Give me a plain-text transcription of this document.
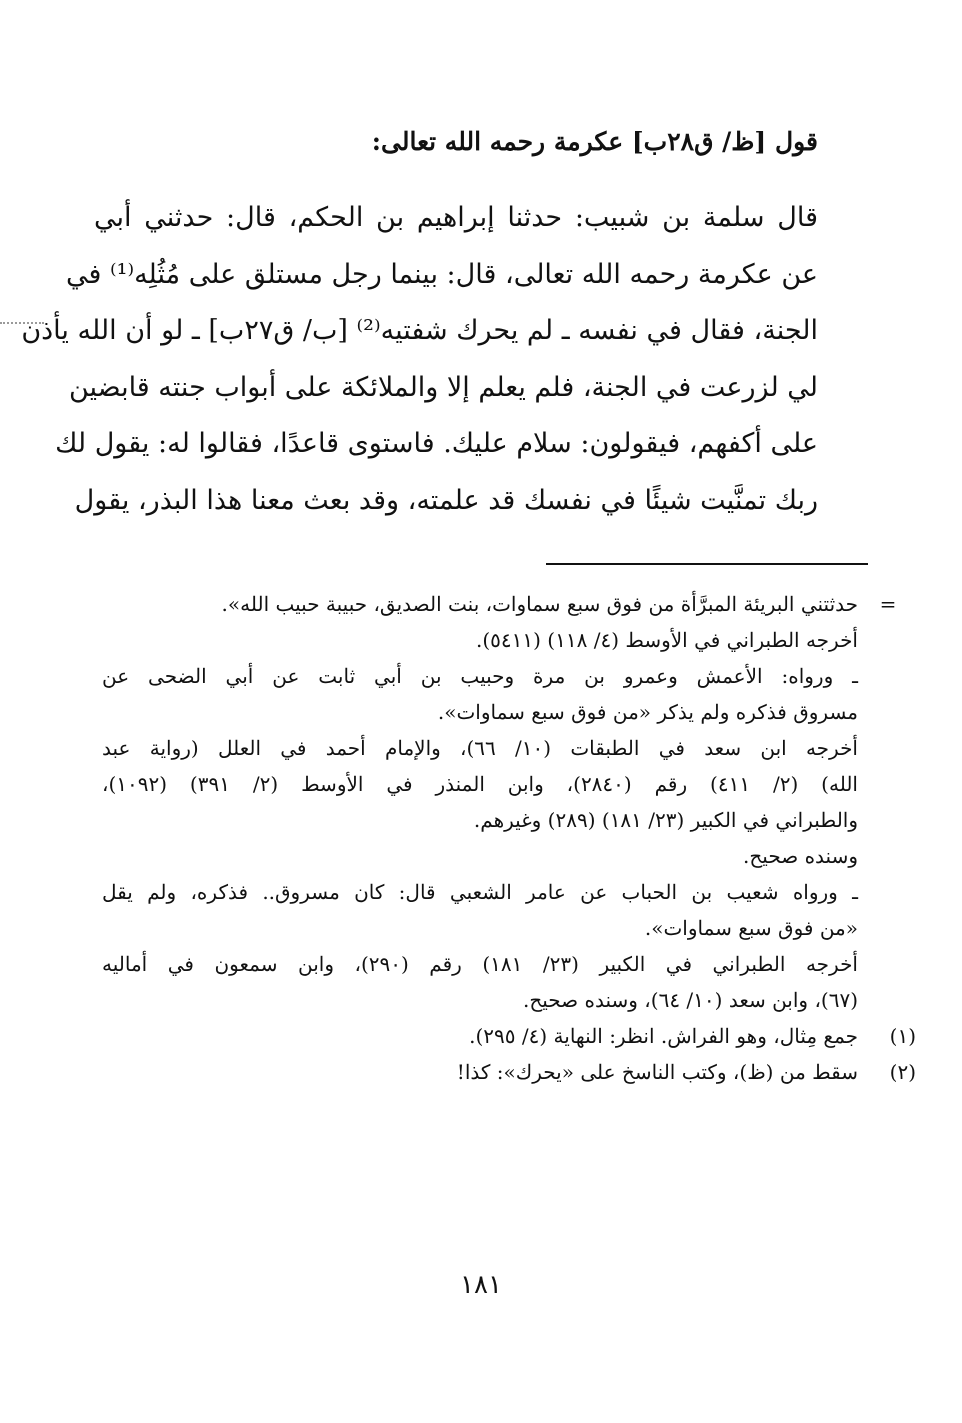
قول [ظ/ ق٢٨ب] عكرمة رحمه الله تعالى:
قال سلمة بن شبيب: حدثنا إبراهيم بن الحكم، قال: حدثني أبي
عن عكرمة رحمه الله تعالى، قال: بينما رجل مستلق على مُثُلِه⁽¹⁾ في
الجنة، فقال في نفسه ـ لم يحرك شفتيه⁽²⁾ [ب/ ق٢٧ب] ـ لو أن الله يأذن
لي لزرعت في الجنة، فلم يعلم إلا والملائكة على أبواب جنته قابضين
على أكفهم، فيقولون: سلام عليك. فاستوى قاعدًا، فقالوا له: يقول لك
ربك تمنَّيت شيئًا في نفسك قد علمته، وقد بعث معنا هذا البذر، يقول
=
حدثتني البريئة المبرَّأة من فوق سبع سماوات، بنت الصديق، حبيبة حبيب الله».
أخرجه الطبراني في الأوسط (٤/ ١١٨) (٥٤١١).
ـ ورواه: الأعمش وعمرو بن مرة وحبيب بن أبي ثابت عن أبي الضحى عن
مسروق فذكره ولم يذكر «من فوق سبع سماوات».
أخرجه ابن سعد في الطبقات (١٠/ ٦٦)، والإمام أحمد في العلل (رواية عبد
الله) (٢/ ٤١١) رقم (٢٨٤٠)، وابن المنذر في الأوسط (٢/ ٣٩١) (١٠٩٢)،
والطبراني في الكبير (٢٣/ ١٨١) (٢٨٩) وغيرهم.
وسنده صحيح.
ـ ورواه شعيب بن الحباب عن عامر الشعبي قال: كان مسروق.. فذكره، ولم يقل
«من فوق سبع سماوات».
أخرجه الطبراني في الكبير (٢٣/ ١٨١) رقم (٢٩٠)، وابن سمعون في أماليه
(٦٧)، وابن سعد (١٠/ ٦٤)، وسنده صحيح.
(١)
جمع مِثال، وهو الفراش. انظر: النهاية (٤/ ٢٩٥).
(٢)
سقط من (ظ)، وكتب الناسخ على «يحرك»: كذا!
١٨١
